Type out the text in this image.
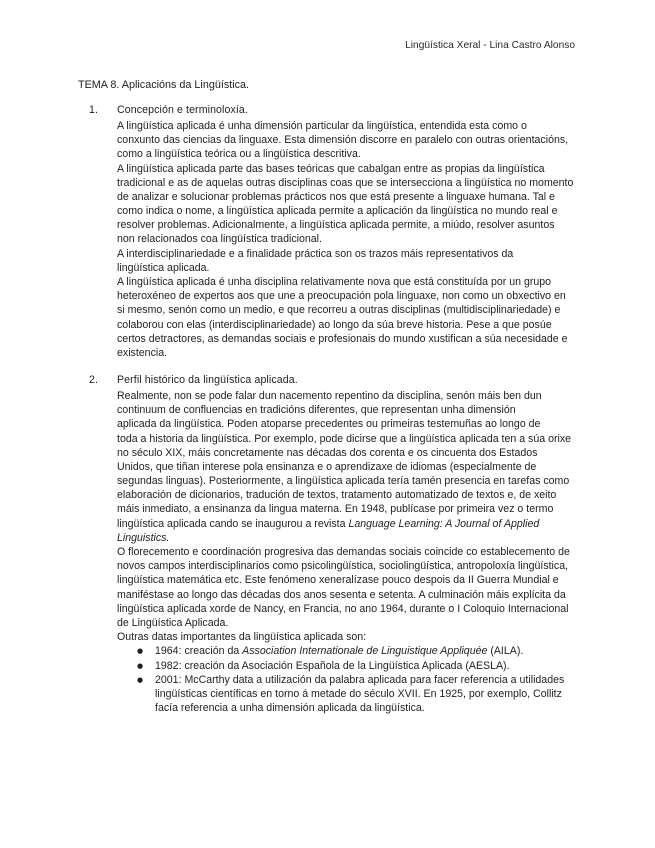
Lingüística Xeral - Lina Castro Alonso
TEMA 8. Aplicacións da Lingüística.
1. Concepción e terminoloxía.
A lingüística aplicada é unha dimensión particular da lingüística, entendida esta como o
conxunto das ciencias da linguaxe. Esta dimensión discorre en paralelo con outras orientacións,
como a lingüística teórica ou a lingüística descritiva.
A lingüística aplicada parte das bases teóricas que cabalgan entre as propias da lingüística
tradicional e as de aquelas outras disciplinas coas que se intersecciona a lingüística no momento
de analizar e solucionar problemas prácticos nos que está presente a linguaxe humana. Tal e
como indica o nome, a lingüística aplicada permite a aplicación da lingüística no mundo real e
resolver problemas. Adicionalmente, a lingüística aplicada permite, a miúdo, resolver asuntos
non relacionados coa lingüística tradicional.
A interdisciplinariedade e a finalidade práctica son os trazos máis representativos da
lingüística aplicada.
A lingüística aplicada é unha disciplina relativamente nova que está constituída por un grupo
heteroxéneo de expertos aos que une a preocupación pola linguaxe, non como un obxectivo en
si mesmo, senón como un medio, e que recorreu a outras disciplinas (multidisciplinariedade) e
colaborou con elas (interdisciplinariedade) ao longo da súa breve historia. Pese a que posúe
certos detractores, as demandas sociais e profesionais do mundo xustifican a súa necesidade e
existencia.
2. Perfil histórico da lingüística aplicada.
Realmente, non se pode falar dun nacemento repentino da disciplina, senón máis ben dun
continuum de confluencias en tradicións diferentes, que representan unha dimensión
aplicada da lingüística. Poden atoparse precedentes ou primeiras testemuñas ao longo de
toda a historia da lingüística. Por exemplo, pode dicirse que a lingüística aplicada ten a súa orixe
no século XIX, máis concretamente nas décadas dos corenta e os cincuenta dos Estados
Unidos, que tiñan interese pola ensinanza e o aprendizaxe de idiomas (especialmente de
segundas linguas). Posteriormente, a lingüística aplicada tería tamén presencia en tarefas como
elaboración de dicionarios, tradución de textos, tratamento automatizado de textos e, de xeito
máis inmediato, a ensinanza da lingua materna. En 1948, publícase por primeira vez o termo
lingüística aplicada cando se inaugurou a revista Language Learning: A Journal of Applied
Linguistics.
O florecemento e coordinación progresiva das demandas sociais coincide co establecemento de
novos campos interdisciplinarios como psicolingüística, sociolingüística, antropoloxía lingüística,
lingüística matemática etc. Este fenómeno xeneralízase pouco despois da II Guerra Mundial e
maniféstase ao longo das décadas dos anos sesenta e setenta. A culminación máis explícita da
lingüística aplicada xorde de Nancy, en Francia, no ano 1964, durante o I Coloquio Internacional
de Lingüística Aplicada.
Outras datas importantes da lingüística aplicada son:
● 1964: creación da Association Internationale de Linguistique Appliquée (AILA).
● 1982: creación da Asociación Española de la Lingüística Aplicada (AESLA).
● 2001: McCarthy data a utilización da palabra aplicada para facer referencia a utilidades
lingüísticas científicas en torno á metade do século XVII. En 1925, por exemplo, Collitz
facía referencia a unha dimensión aplicada da lingüística.
